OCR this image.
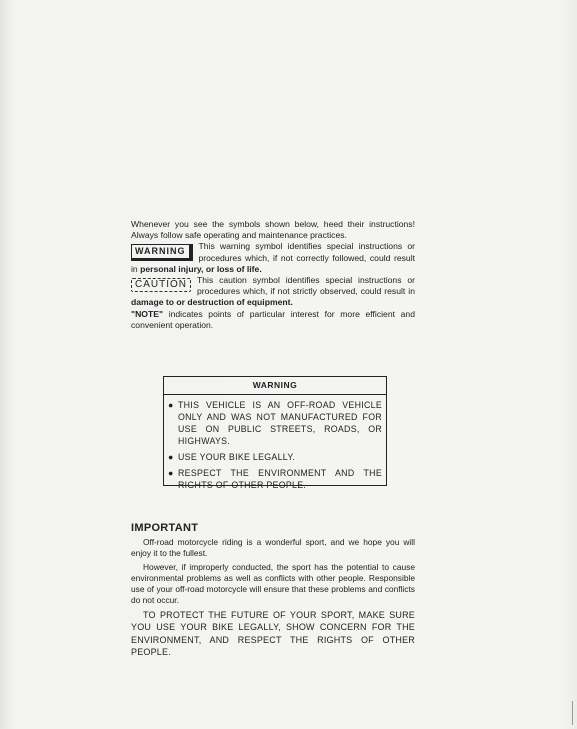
Whenever you see the symbols shown below, heed their instructions! Always follow safe operating and maintenance practices.

WARNING	This warning symbol identifies special instructions or procedures which, if not correctly followed, could result in personal injury, or loss of life.
CAUTION	This caution symbol identifies special instructions or procedures which, if not strictly observed, could result in damage to or destruction of equipment.

"NOTE" indicates points of particular interest for more efficient and convenient operation.

WARNING
● THIS VEHICLE IS AN OFF-ROAD VEHICLE ONLY AND WAS NOT MANUFACTURED FOR USE ON PUBLIC STREETS, ROADS, OR HIGHWAYS.
● USE YOUR BIKE LEGALLY.
● RESPECT THE ENVIRONMENT AND THE RIGHTS OF OTHER PEOPLE.
IMPORTANT

Off-road motorcycle riding is a wonderful sport, and we hope you will enjoy it to the fullest.

However, if improperly conducted, the sport has the potential to cause environmental problems as well as conflicts with other people. Responsible use of your off-road motorcycle will ensure that these problems and conflicts do not occur.

TO PROTECT THE FUTURE OF YOUR SPORT, MAKE SURE YOU USE YOUR BIKE LEGALLY, SHOW CONCERN FOR THE ENVIRONMENT, AND RESPECT THE RIGHTS OF OTHER PEOPLE.
